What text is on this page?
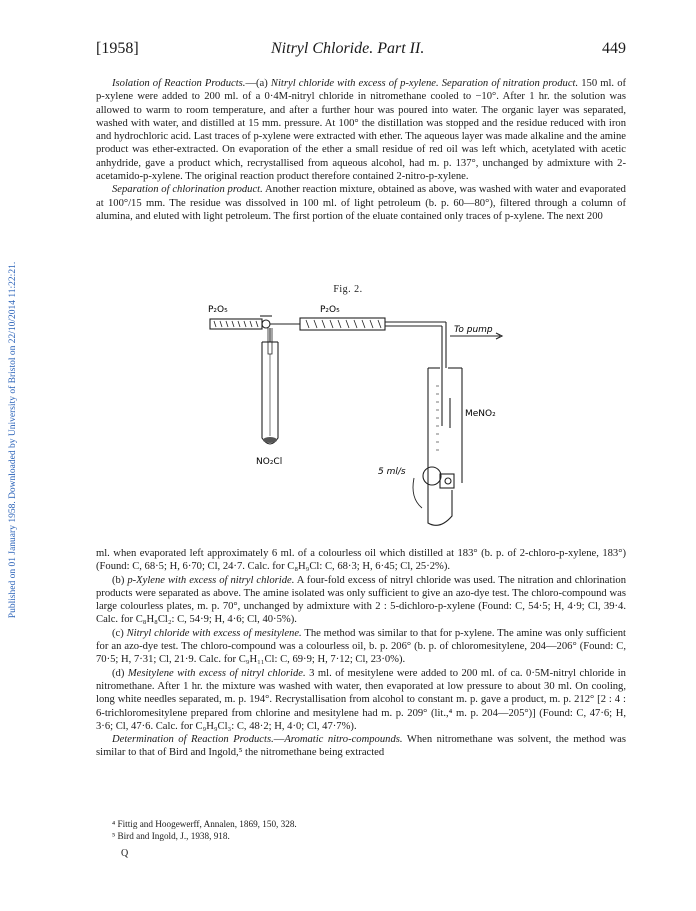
Published on 01 January 1958. Downloaded by University of Bristol on 22/10/2014 11:22:21.
[1958]	Nitryl Chloride. Part II.	449

Isolation of Reaction Products.—(a) Nitryl chloride with excess of p-xylene. Separation of nitration product. 150 ml. of p-xylene were added to 200 ml. of a 0·4M-nitryl chloride in nitromethane cooled to −10°. After 1 hr. the solution was allowed to warm to room temperature, and after a further hour was poured into water. The organic layer was separated, washed with water, and distilled at 15 mm. pressure. At 100° the distillation was stopped and the residue reduced with iron and hydrochloric acid. Last traces of p-xylene were extracted with ether. The aqueous layer was made alkaline and the amine product was ether-extracted. On evaporation of the ether a small residue of red oil was left which, acetylated with acetic anhydride, gave a product which, recrystallised from aqueous alcohol, had m. p. 137°, unchanged by admixture with 2-acetamido-p-xylene. The original reaction product therefore contained 2-nitro-p-xylene.

Separation of chlorination product. Another reaction mixture, obtained as above, was washed with water and evaporated at 100°/15 mm. The residue was dissolved in 100 ml. of light petroleum (b. p. 60—80°), filtered through a column of alumina, and eluted with light petroleum. The first portion of the eluate contained only traces of p-xylene. The next 200

Fig. 2.
P₂O₅	P₂O₅
To pump
MeNO₂
NO₂Cl
5 ml/s

ml. when evaporated left approximately 6 ml. of a colourless oil which distilled at 183° (b. p. of 2-chloro-p-xylene, 183°) (Found: C, 68·5; H, 6·70; Cl, 24·7. Calc. for C₈H₉Cl: C, 68·3; H, 6·45; Cl, 25·2%).

(b) p-Xylene with excess of nitryl chloride. A four-fold excess of nitryl chloride was used. The nitration and chlorination products were separated as above. The amine isolated was only sufficient to give an azo-dye test. The chloro-compound was large colourless plates, m. p. 70°, unchanged by admixture with 2 : 5-dichloro-p-xylene (Found: C, 54·5; H, 4·9; Cl, 39·4. Calc. for C₈H₈Cl₂: C, 54·9; H, 4·6; Cl, 40·5%).

(c) Nitryl chloride with excess of mesitylene. The method was similar to that for p-xylene. The amine was only sufficient for an azo-dye test. The chloro-compound was a colourless oil, b. p. 206° (b. p. of chloromesitylene, 204—206° (Found: C, 70·5; H, 7·31; Cl, 21·9. Calc. for C₉H₁₁Cl: C, 69·9; H, 7·12; Cl, 23·0%).

(d) Mesitylene with excess of nitryl chloride. 3 ml. of mesitylene were added to 200 ml. of ca. 0·5M-nitryl chloride in nitromethane. After 1 hr. the mixture was washed with water, then evaporated at low pressure to about 30 ml. On cooling, long white needles separated, m. p. 194°. Recrystallisation from alcohol to constant m. p. gave a product, m. p. 212° [2 : 4 : 6-trichloromesitylene prepared from chlorine and mesitylene had m. p. 209° (lit.,⁴ m. p. 204—205°)] (Found: C, 47·6; H, 3·6; Cl, 47·6. Calc. for C₉H₉Cl₃: C, 48·2; H, 4·0; Cl, 47·7%).

Determination of Reaction Products.—Aromatic nitro-compounds. When nitromethane was solvent, the method was similar to that of Bird and Ingold,⁵ the nitromethane being extracted

⁴ Fittig and Hoogewerff, Annalen, 1869, 150, 328.
⁵ Bird and Ingold, J., 1938, 918.
Q
